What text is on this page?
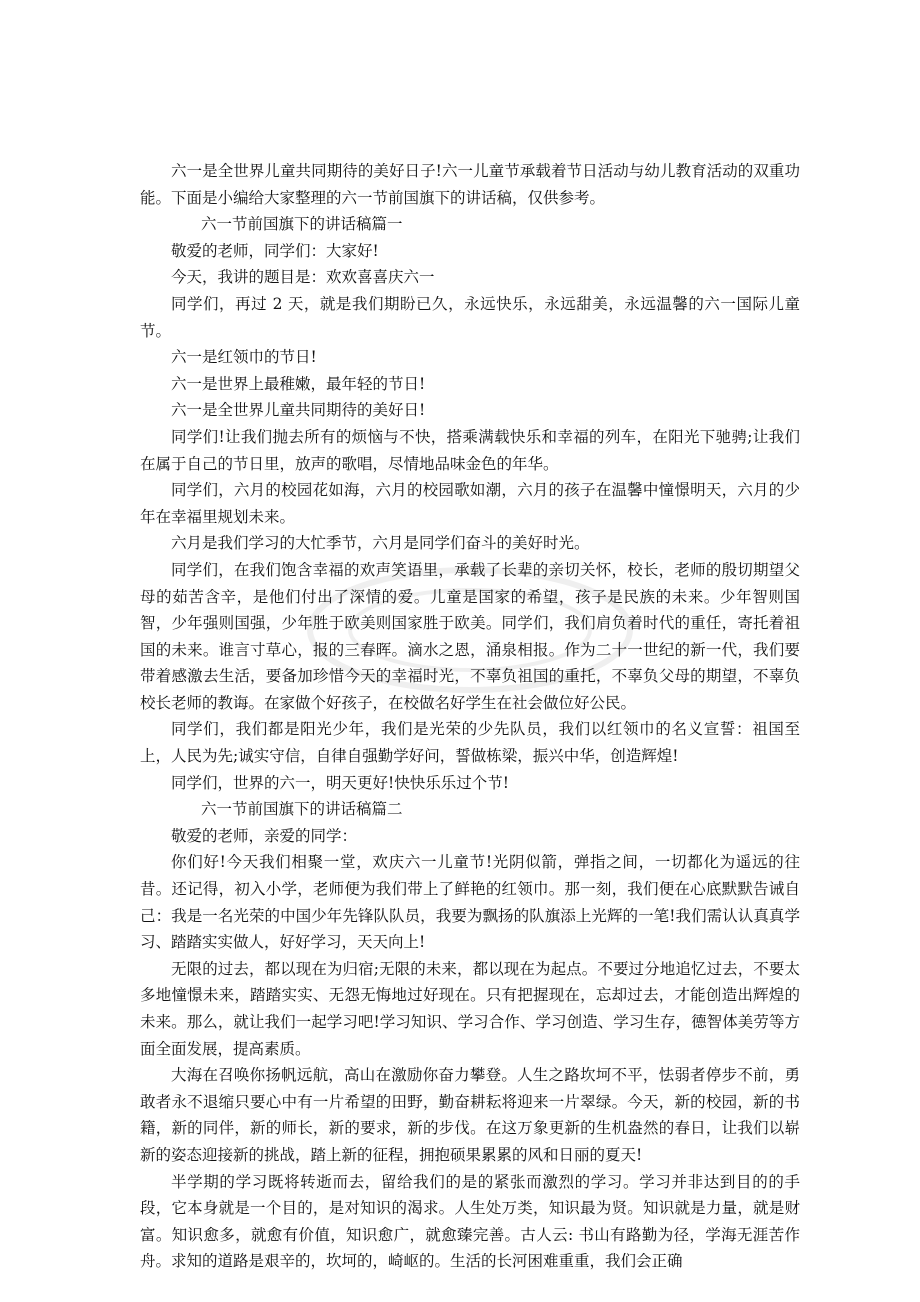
六一是全世界儿童共同期待的美好日子!六一儿童节承载着节日活动与幼儿教育活动的双重功能。下面是小编给大家整理的六一节前国旗下的讲话稿，仅供参考。

六一节前国旗下的讲话稿篇一

敬爱的老师，同学们：大家好!

今天，我讲的题目是：欢欢喜喜庆六一

同学们，再过 2 天，就是我们期盼已久，永远快乐，永远甜美，永远温馨的六一国际儿童节。

六一是红领巾的节日!

六一是世界上最稚嫩，最年轻的节日!

六一是全世界儿童共同期待的美好日!

同学们!让我们抛去所有的烦恼与不快，搭乘满载快乐和幸福的列车，在阳光下驰骋;让我们在属于自己的节日里，放声的歌唱，尽情地品味金色的年华。

同学们，六月的校园花如海，六月的校园歌如潮，六月的孩子在温馨中憧憬明天，六月的少年在幸福里规划未来。

六月是我们学习的大忙季节，六月是同学们奋斗的美好时光。

同学们，在我们饱含幸福的欢声笑语里，承载了长辈的亲切关怀，校长，老师的殷切期望父母的茹苦含辛，是他们付出了深情的爱。儿童是国家的希望，孩子是民族的未来。少年智则国智，少年强则国强，少年胜于欧美则国家胜于欧美。同学们，我们肩负着时代的重任，寄托着祖国的未来。谁言寸草心，报的三春晖。滴水之恩，涌泉相报。作为二十一世纪的新一代，我们要带着感激去生活，要备加珍惜今天的幸福时光，不辜负祖国的重托，不辜负父母的期望，不辜负校长老师的教诲。在家做个好孩子，在校做名好学生在社会做位好公民。

同学们，我们都是阳光少年，我们是光荣的少先队员，我们以红领巾的名义宣誓：祖国至上，人民为先;诚实守信，自律自强勤学好问，誓做栋梁，振兴中华，创造辉煌!

同学们，世界的六一，明天更好!快快乐乐过个节!

六一节前国旗下的讲话稿篇二

敬爱的老师，亲爱的同学：

你们好!今天我们相聚一堂，欢庆六一儿童节!光阴似箭，弹指之间，一切都化为遥远的往昔。还记得，初入小学，老师便为我们带上了鲜艳的红领巾。那一刻，我们便在心底默默告诫自己：我是一名光荣的中国少年先锋队队员，我要为飘扬的队旗添上光辉的一笔!我们需认认真真学习、踏踏实实做人，好好学习，天天向上!

无限的过去，都以现在为归宿;无限的未来，都以现在为起点。不要过分地追忆过去，不要太多地憧憬未来，踏踏实实、无怨无悔地过好现在。只有把握现在，忘却过去，才能创造出辉煌的未来。那么，就让我们一起学习吧!学习知识、学习合作、学习创造、学习生存，德智体美劳等方面全面发展，提高素质。

大海在召唤你扬帆远航，高山在激励你奋力攀登。人生之路坎坷不平，怯弱者停步不前，勇敢者永不退缩只要心中有一片希望的田野，勤奋耕耘将迎来一片翠绿。今天，新的校园，新的书籍，新的同伴，新的师长，新的要求，新的步伐。在这万象更新的生机盎然的春日，让我们以崭新的姿态迎接新的挑战，踏上新的征程，拥抱硕果累累的风和日丽的夏天!

半学期的学习既将转逝而去，留给我们的是的紧张而激烈的学习。学习并非达到目的的手段，它本身就是一个目的，是对知识的渴求。人生处万类，知识最为贤。知识就是力量，就是财富。知识愈多，就愈有价值，知识愈广，就愈臻完善。古人云: 书山有路勤为径，学海无涯苦作舟。求知的道路是艰辛的，坎坷的，崎岖的。生活的长河困难重重，我们会正确
